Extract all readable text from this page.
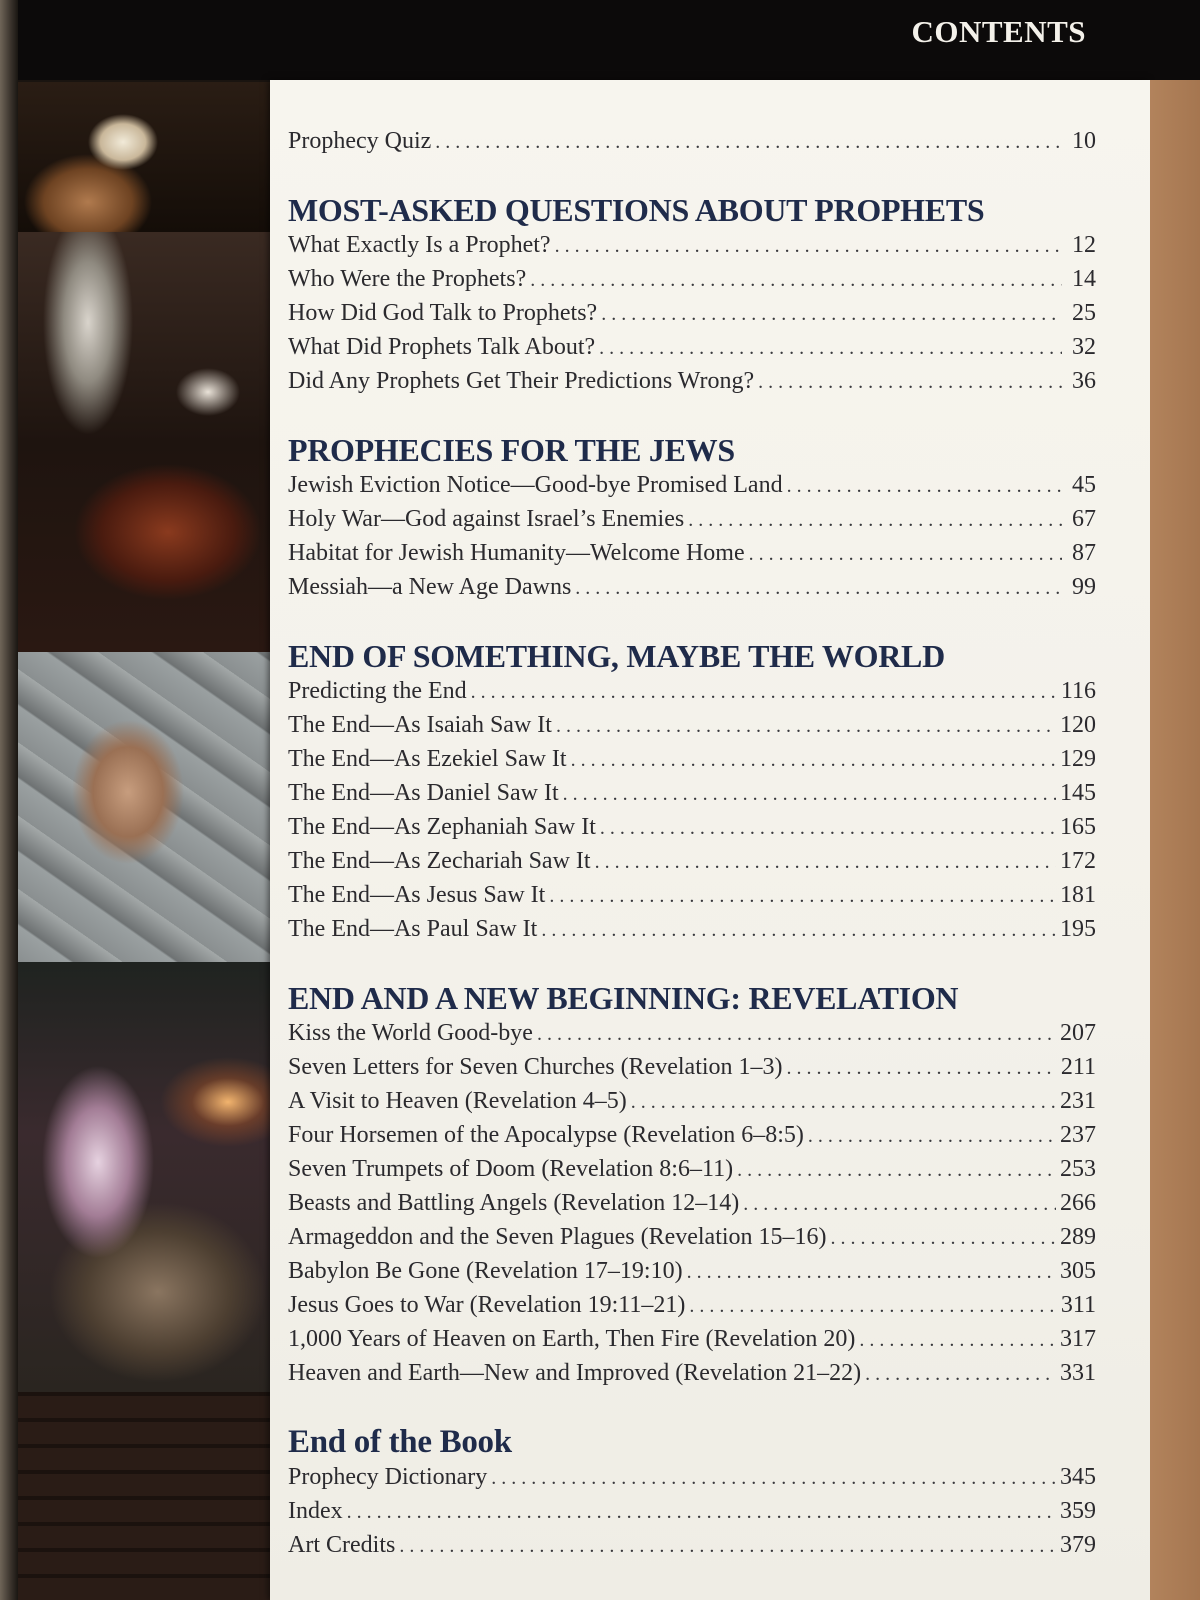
CONTENTS
Prophecy Quiz . . .	10
MOST-ASKED QUESTIONS ABOUT PROPHETS
What Exactly Is a Prophet? . . .	12
Who Were the Prophets? . . .	14
How Did God Talk to Prophets? . . .	25
What Did Prophets Talk About? . . .	32
Did Any Prophets Get Their Predictions Wrong? . . .	36
PROPHECIES FOR THE JEWS
Jewish Eviction Notice—Good-bye Promised Land . . .	45
Holy War—God against Israel’s Enemies . . .	67
Habitat for Jewish Humanity—Welcome Home . . .	87
Messiah—a New Age Dawns . . .	99
END OF SOMETHING, MAYBE THE WORLD
Predicting the End . . .	116
The End—As Isaiah Saw It . . .	120
The End—As Ezekiel Saw It . . .	129
The End—As Daniel Saw It . . .	145
The End—As Zephaniah Saw It . . .	165
The End—As Zechariah Saw It . . .	172
The End—As Jesus Saw It . . .	181
The End—As Paul Saw It . . .	195
END AND A NEW BEGINNING: REVELATION
Kiss the World Good-bye . . .	207
Seven Letters for Seven Churches (Revelation 1–3) . . .	211
A Visit to Heaven (Revelation 4–5) . . .	231
Four Horsemen of the Apocalypse (Revelation 6–8:5) . . .	237
Seven Trumpets of Doom (Revelation 8:6–11) . . .	253
Beasts and Battling Angels (Revelation 12–14) . . .	266
Armageddon and the Seven Plagues (Revelation 15–16) . . .	289
Babylon Be Gone (Revelation 17–19:10) . . .	305
Jesus Goes to War (Revelation 19:11–21) . . .	311
1,000 Years of Heaven on Earth, Then Fire (Revelation 20) . . .	317
Heaven and Earth—New and Improved (Revelation 21–22) . . .	331
End of the Book
Prophecy Dictionary . . .	345
Index . . .	359
Art Credits . . .	379
